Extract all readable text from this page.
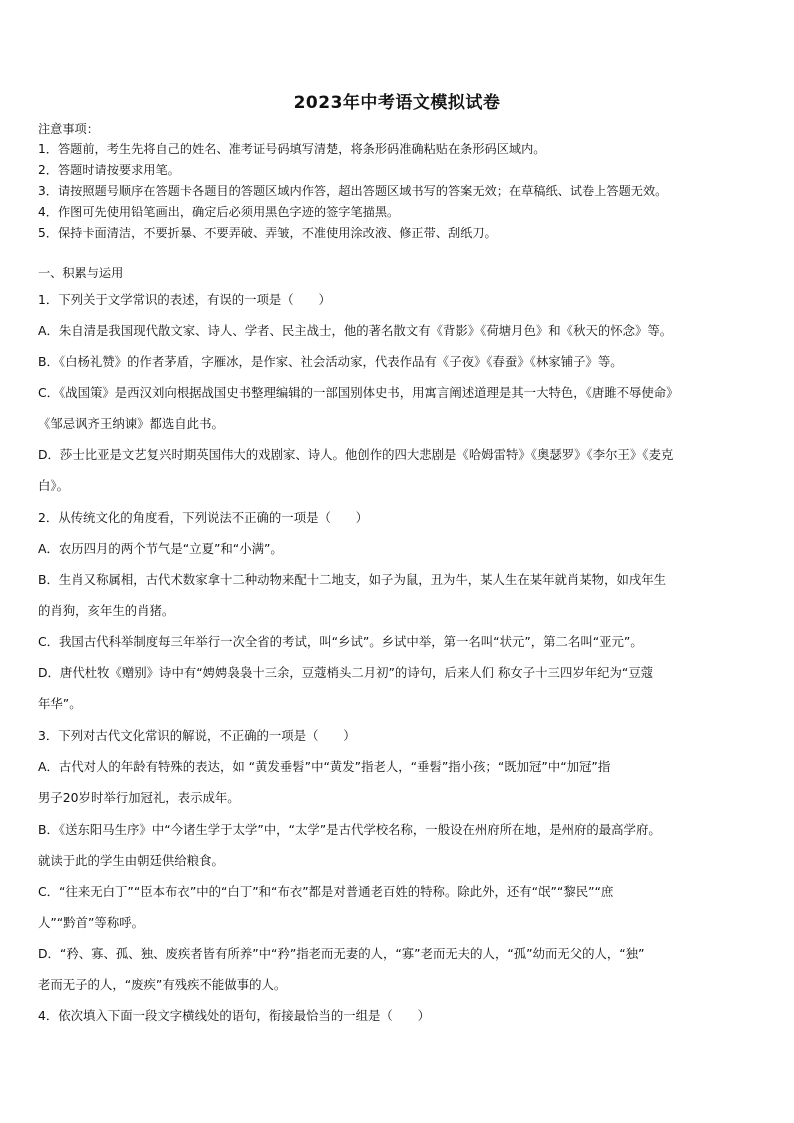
2023年中考语文模拟试卷
注意事项：
1．答题前，考生先将自己的姓名、准考证号码填写清楚，将条形码准确粘贴在条形码区域内。
2．答题时请按要求用笔。
3．请按照题号顺序在答题卡各题目的答题区域内作答，超出答题区域书写的答案无效；在草稿纸、试卷上答题无效。
4．作图可先使用铅笔画出，确定后必须用黑色字迹的签字笔描黑。
5．保持卡面清洁，不要折暴、不要弄破、弄皱，不准使用涂改液、修正带、刮纸刀。
一、积累与运用
1．下列关于文学常识的表述，有误的一项是（　　）
A．朱自清是我国现代散文家、诗人、学者、民主战士，他的著名散文有《背影》《荷塘月色》和《秋天的怀念》等。
B．《白杨礼赞》的作者茅盾，字雁冰，是作家、社会活动家，代表作品有《子夜》《春蚕》《林家铺子》等。
C．《战国策》是西汉刘向根据战国史书整理编辑的一部国别体史书，用寓言阐述道理是其一大特色，《唐雎不辱使命》
《邹忌讽齐王纳谏》都选自此书。
D．莎士比亚是文艺复兴时期英国伟大的戏剧家、诗人。他创作的四大悲剧是《哈姆雷特》《奥瑟罗》《李尔王》《麦克
白》。
2．从传统文化的角度看，下列说法不正确的一项是（　　）
A．农历四月的两个节气是“立夏”和“小满”。
B．生肖又称属相，古代术数家拿十二种动物来配十二地支，如子为鼠，丑为牛，某人生在某年就肖某物，如戌年生
的肖狗，亥年生的肖猪。
C．我国古代科举制度每三年举行一次全省的考试，叫“乡试”。乡试中举，第一名叫“状元”，第二名叫“亚元”。
D．唐代杜牧《赠别》诗中有“娉娉袅袅十三余，豆蔻梢头二月初”的诗句，后来人们 称女子十三四岁年纪为“豆蔻
年华”。
3．下列对古代文化常识的解说，不正确的一项是（　　）
A．古代对人的年龄有特殊的表达，如 “黄发垂髫”中“黄发”指老人，“垂髫”指小孩；“既加冠”中“加冠”指
男子20岁时举行加冠礼，表示成年。
B．《送东阳马生序》中“今诸生学于太学”中，“太学”是古代学校名称，一般设在州府所在地，是州府的最高学府。
就读于此的学生由朝廷供给粮食。
C．“往来无白丁”“臣本布衣”中的“白丁”和“布衣”都是对普通老百姓的特称。除此外，还有“氓”“黎民”“庶
人”“黔首”等称呼。
D．“矜、寡、孤、独、废疾者皆有所养”中“矜”指老而无妻的人，“寡”老而无夫的人，“孤”幼而无父的人，“独”
老而无子的人，“废疾”有残疾不能做事的人。
4．依次填入下面一段文字横线处的语句，衔接最恰当的一组是（　　）
